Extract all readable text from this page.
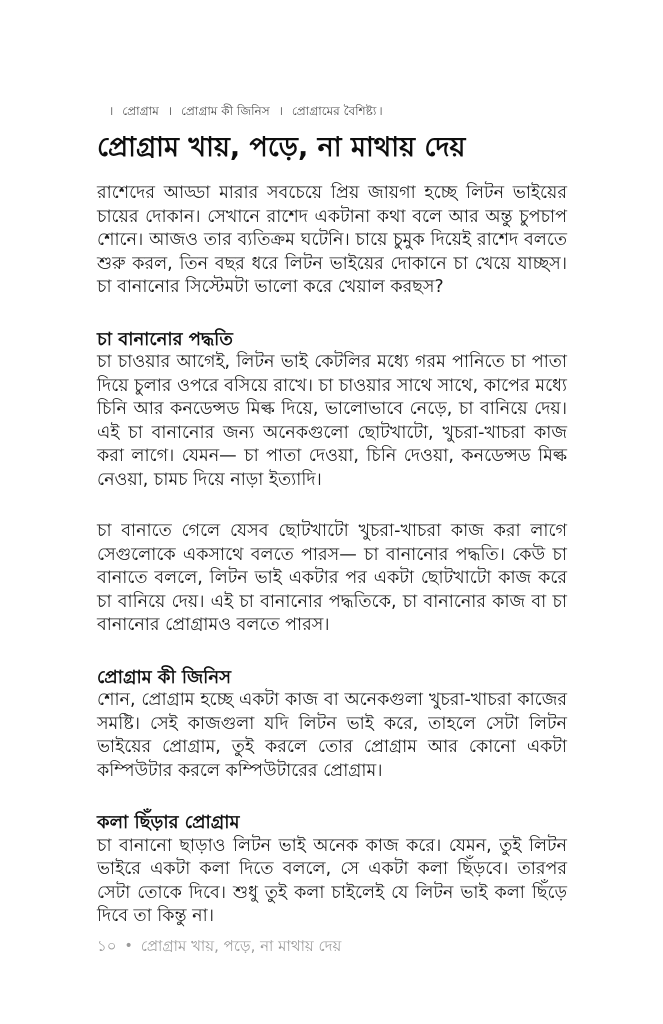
। প্রোগ্রাম । প্রোগ্রাম কী জিনিস । প্রোগ্রামের বৈশিষ্ট্য ।
প্রোগ্রাম খায়, পড়ে, না মাথায় দেয়

রাশেদের আড্ডা মারার সবচেয়ে প্রিয় জায়গা হচ্ছে লিটন ভাইয়ের চায়ের দোকান। সেখানে রাশেদ একটানা কথা বলে আর অন্তু চুপচাপ শোনে। আজও তার ব্যতিক্রম ঘটেনি। চায়ে চুমুক দিয়েই রাশেদ বলতে শুরু করল, তিন বছর ধরে লিটন ভাইয়ের দোকানে চা খেয়ে যাচ্ছস। চা বানানোর সিস্টেমটা ভালো করে খেয়াল করছস?

চা বানানোর পদ্ধতি

চা চাওয়ার আগেই, লিটন ভাই কেটলির মধ্যে গরম পানিতে চা পাতা দিয়ে চুলার ওপরে বসিয়ে রাখে। চা চাওয়ার সাথে সাথে, কাপের মধ্যে চিনি আর কনডেন্সড মিল্ক দিয়ে, ভালোভাবে নেড়ে, চা বানিয়ে দেয়। এই চা বানানোর জন্য অনেকগুলো ছোটখাটো, খুচরা-খাচরা কাজ করা লাগে। যেমন— চা পাতা দেওয়া, চিনি দেওয়া, কনডেন্সড মিল্ক নেওয়া, চামচ দিয়ে নাড়া ইত্যাদি।

চা বানাতে গেলে যেসব ছোটখাটো খুচরা-খাচরা কাজ করা লাগে সেগুলোকে একসাথে বলতে পারস— চা বানানোর পদ্ধতি। কেউ চা বানাতে বললে, লিটন ভাই একটার পর একটা ছোটখাটো কাজ করে চা বানিয়ে দেয়। এই চা বানানোর পদ্ধতিকে, চা বানানোর কাজ বা চা বানানোর প্রোগ্রামও বলতে পারস।

প্রোগ্রাম কী জিনিস

শোন, প্রোগ্রাম হচ্ছে একটা কাজ বা অনেকগুলা খুচরা-খাচরা কাজের সমষ্টি। সেই কাজগুলা যদি লিটন ভাই করে, তাহলে সেটা লিটন ভাইয়ের প্রোগ্রাম, তুই করলে তোর প্রোগ্রাম আর কোনো একটা কম্পিউটার করলে কম্পিউটারের প্রোগ্রাম।

কলা ছিঁড়ার প্রোগ্রাম

চা বানানো ছাড়াও লিটন ভাই অনেক কাজ করে। যেমন, তুই লিটন ভাইরে একটা কলা দিতে বললে, সে একটা কলা ছিঁড়বে। তারপর সেটা তোকে দিবে। শুধু তুই কলা চাইলেই যে লিটন ভাই কলা ছিঁড়ে দিবে তা কিন্তু না।

১০ • প্রোগ্রাম খায়, পড়ে, না মাথায় দেয়
